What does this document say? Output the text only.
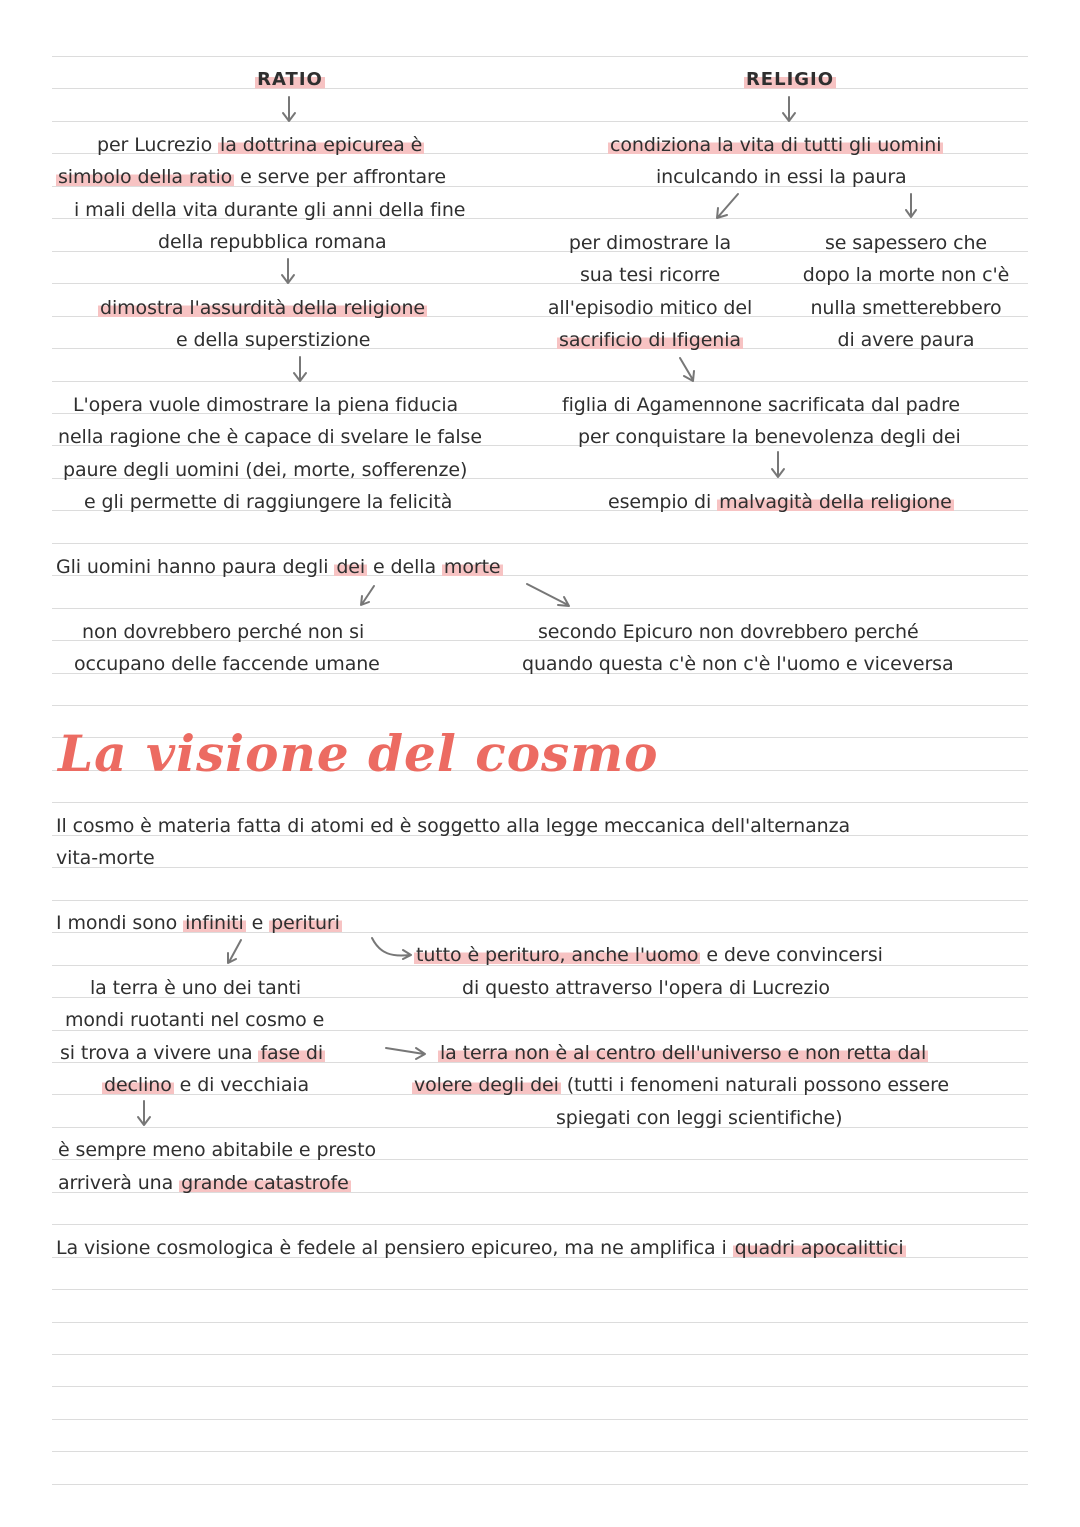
RATIO
per Lucrezio la dottrina epicurea è
simbolo della ratio e serve per affrontare
i mali della vita durante gli anni della fine
della repubblica romana
dimostra l'assurdità della religione
e della superstizione
L'opera vuole dimostrare la piena fiducia
nella ragione che è capace di svelare le false
paure degli uomini (dei, morte, sofferenze)
e gli permette di raggiungere la felicità
RELIGIO
condiziona la vita di tutti gli uomini
inculcando in essi la paura
per dimostrare la
sua tesi ricorre
all'episodio mitico del
sacrificio di Ifigenia
se sapessero che
dopo la morte non c'è
nulla smetterebbero
di avere paura
figlia di Agamennone sacrificata dal padre
per conquistare la benevolenza degli dei
esempio di malvagità della religione
Gli uomini hanno paura degli dei e della morte
non dovrebbero perché non si
occupano delle faccende umane
secondo Epicuro non dovrebbero perché
quando questa c'è non c'è l'uomo e viceversa
La visione del cosmo
Il cosmo è materia fatta di atomi ed è soggetto alla legge meccanica dell'alternanza
vita-morte
I mondi sono infiniti e perituri
tutto è perituro, anche l'uomo e deve convincersi
di questo attraverso l'opera di Lucrezio
la terra è uno dei tanti
mondi ruotanti nel cosmo e
si trova a vivere una fase di
declino e di vecchiaia
la terra non è al centro dell'universo e non retta dal
volere degli dei (tutti i fenomeni naturali possono essere
spiegati con leggi scientifiche)
è sempre meno abitabile e presto
arriverà una grande catastrofe
La visione cosmologica è fedele al pensiero epicureo, ma ne amplifica i quadri apocalittici
